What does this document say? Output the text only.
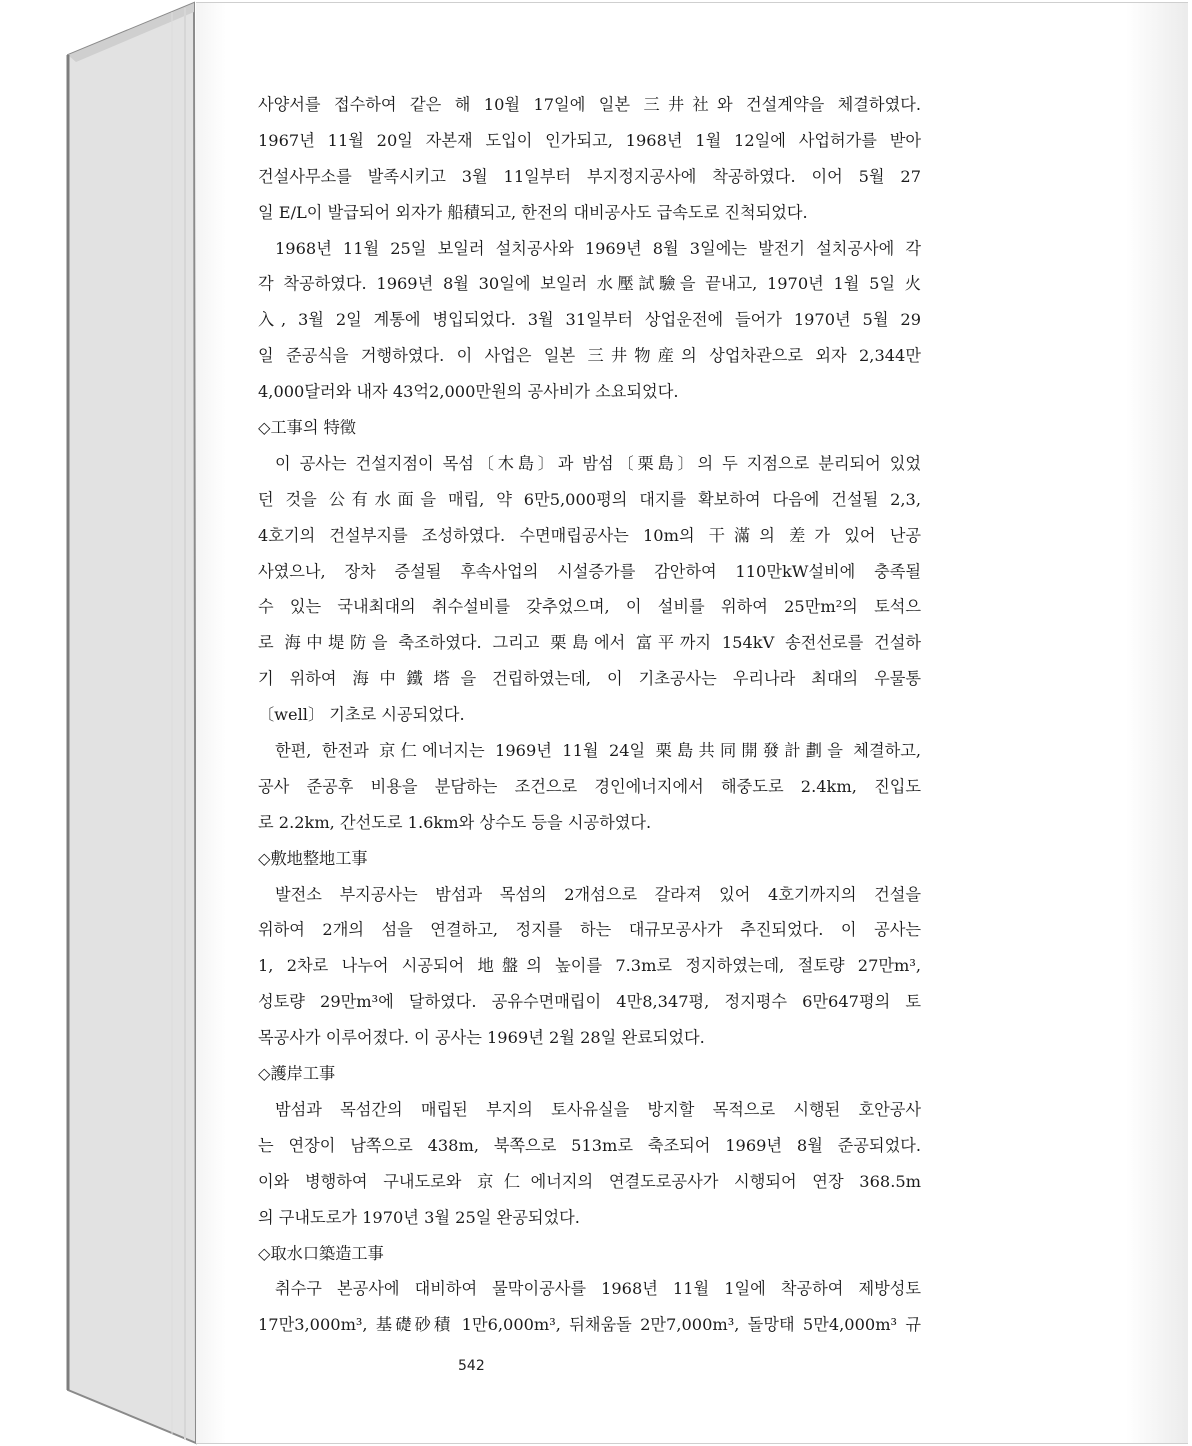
사양서를 접수하여 같은 해 10월 17일에 일본 三井社와 건설계약을 체결하였다.
1967년 11월 20일 자본재 도입이 인가되고, 1968년 1월 12일에 사업허가를 받아
건설사무소를 발족시키고 3월 11일부터 부지정지공사에 착공하였다. 이어 5월 27
일 E/L이 발급되어 외자가 船積되고, 한전의 대비공사도 급속도로 진척되었다.
1968년 11월 25일 보일러 설치공사와 1969년 8월 3일에는 발전기 설치공사에 각
각 착공하였다. 1969년 8월 30일에 보일러 水壓試驗을 끝내고, 1970년 1월 5일 火
入, 3월 2일 계통에 병입되었다. 3월 31일부터 상업운전에 들어가 1970년 5월 29
일 준공식을 거행하였다. 이 사업은 일본 三井物産의 상업차관으로 외자 2,344만
4,000달러와 내자 43억2,000만원의 공사비가 소요되었다.
◇工事의 特徵
이 공사는 건설지점이 목섬〔木島〕과 밤섬〔栗島〕의 두 지점으로 분리되어 있었
던 것을 公有水面을 매립, 약 6만5,000평의 대지를 확보하여 다음에 건설될 2,3,
4호기의 건설부지를 조성하였다. 수면매립공사는 10m의 干滿의 差가 있어 난공
사였으나, 장차 증설될 후속사업의 시설증가를 감안하여 110만kW설비에 충족될
수 있는 국내최대의 취수설비를 갖추었으며, 이 설비를 위하여 25만m²의 토석으
로 海中堤防을 축조하였다. 그리고 栗島에서 富平까지 154kV 송전선로를 건설하
기 위하여 海中鐵塔을 건립하였는데, 이 기초공사는 우리나라 최대의 우물통
〔well〕 기초로 시공되었다.
한편, 한전과 京仁에너지는 1969년 11월 24일 栗島共同開發計劃을 체결하고,
공사 준공후 비용을 분담하는 조건으로 경인에너지에서 해중도로 2.4km, 진입도
로 2.2km, 간선도로 1.6km와 상수도 등을 시공하였다.
◇敷地整地工事
발전소 부지공사는 밤섬과 목섬의 2개섬으로 갈라져 있어 4호기까지의 건설을
위하여 2개의 섬을 연결하고, 정지를 하는 대규모공사가 추진되었다. 이 공사는
1, 2차로 나누어 시공되어 地盤의 높이를 7.3m로 정지하였는데, 절토량 27만m³,
성토량 29만m³에 달하였다. 공유수면매립이 4만8,347평, 정지평수 6만647평의 토
목공사가 이루어졌다. 이 공사는 1969년 2월 28일 완료되었다.
◇護岸工事
밤섬과 목섬간의 매립된 부지의 토사유실을 방지할 목적으로 시행된 호안공사
는 연장이 남쪽으로 438m, 북쪽으로 513m로 축조되어 1969년 8월 준공되었다.
이와 병행하여 구내도로와 京仁에너지의 연결도로공사가 시행되어 연장 368.5m
의 구내도로가 1970년 3월 25일 완공되었다.
◇取水口築造工事
취수구 본공사에 대비하여 물막이공사를 1968년 11월 1일에 착공하여 제방성토
17만3,000m³, 基礎砂積 1만6,000m³, 뒤채움돌 2만7,000m³, 돌망태 5만4,000m³ 규
542
